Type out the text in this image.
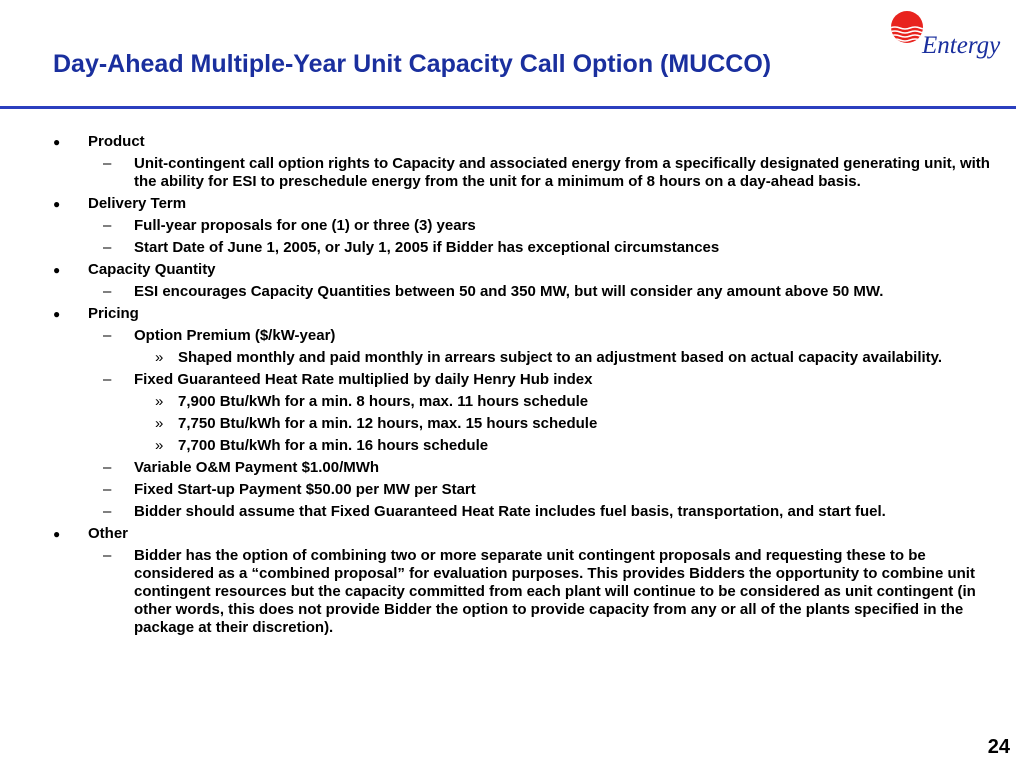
Entergy
Day-Ahead Multiple-Year Unit Capacity Call Option (MUCCO)
● Product
– Unit-contingent call option rights to Capacity and associated energy from a specifically designated generating unit, with the ability for ESI to preschedule energy from the unit for a minimum of 8 hours on a day-ahead basis.
● Delivery Term
– Full-year proposals for one (1) or three (3) years
– Start Date of June 1, 2005, or July 1, 2005 if Bidder has exceptional circumstances
● Capacity Quantity
– ESI encourages Capacity Quantities between 50 and 350 MW, but will consider any amount above 50 MW.
● Pricing
– Option Premium ($/kW-year)
» Shaped monthly and paid monthly in arrears subject to an adjustment based on actual capacity availability.
– Fixed Guaranteed Heat Rate multiplied by daily Henry Hub index
» 7,900 Btu/kWh for a min. 8 hours, max. 11 hours schedule
» 7,750 Btu/kWh for a min. 12 hours, max. 15 hours schedule
» 7,700 Btu/kWh for a min. 16 hours schedule
– Variable O&M Payment $1.00/MWh
– Fixed Start-up Payment $50.00 per MW per Start
– Bidder should assume that Fixed Guaranteed Heat Rate includes fuel basis, transportation, and start fuel.
● Other
– Bidder has the option of combining two or more separate unit contingent proposals and requesting these to be considered as a “combined proposal” for evaluation purposes. This provides Bidders the opportunity to combine unit contingent resources but the capacity committed from each plant will continue to be considered as unit contingent (in other words, this does not provide Bidder the option to provide capacity from any or all of the plants specified in the package at their discretion).
24
